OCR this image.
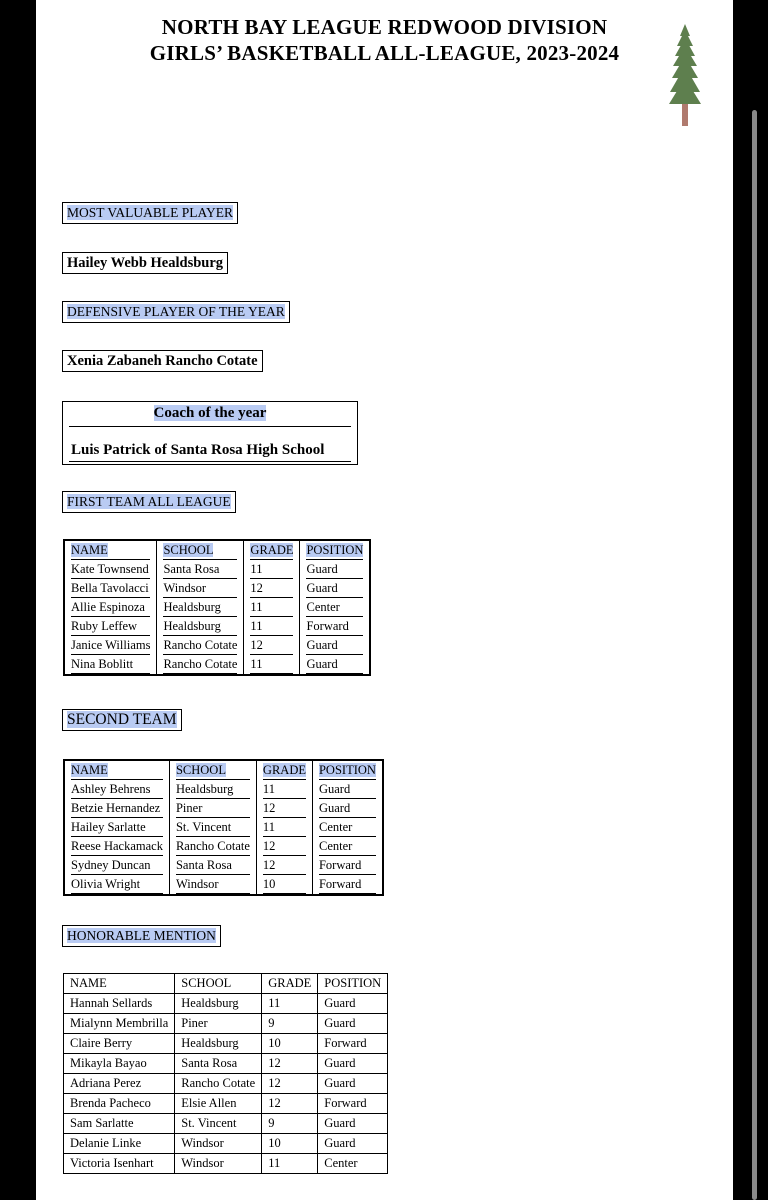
NORTH BAY LEAGUE REDWOOD DIVISION
GIRLS’ BASKETBALL ALL-LEAGUE, 2023-2024
MOST VALUABLE PLAYER
Hailey Webb Healdsburg
DEFENSIVE PLAYER OF THE YEAR
Xenia Zabaneh Rancho Cotate
Coach of the year
Luis Patrick of Santa Rosa High School
FIRST TEAM ALL LEAGUE
NAME	SCHOOL	GRADE	POSITION
Kate Townsend	Santa Rosa	11	Guard
Bella Tavolacci	Windsor	12	Guard
Allie Espinoza	Healdsburg	11	Center
Ruby Leffew	Healdsburg	11	Forward
Janice Williams	Rancho Cotate	12	Guard
Nina Boblitt	Rancho Cotate	11	Guard
SECOND TEAM
NAME	SCHOOL	GRADE	POSITION
Ashley Behrens	Healdsburg	11	Guard
Betzie Hernandez	Piner	12	Guard
Hailey Sarlatte	St. Vincent	11	Center
Reese Hackamack	Rancho Cotate	12	Center
Sydney Duncan	Santa Rosa	12	Forward
Olivia Wright	Windsor	10	Forward
HONORABLE MENTION
NAME	SCHOOL	GRADE	POSITION
Hannah Sellards	Healdsburg	11	Guard
Mialynn Membrilla	Piner	9	Guard
Claire Berry	Healdsburg	10	Forward
Mikayla Bayao	Santa Rosa	12	Guard
Adriana Perez	Rancho Cotate	12	Guard
Brenda Pacheco	Elsie Allen	12	Forward
Sam Sarlatte	St. Vincent	9	Guard
Delanie Linke	Windsor	10	Guard
Victoria Isenhart	Windsor	11	Center
